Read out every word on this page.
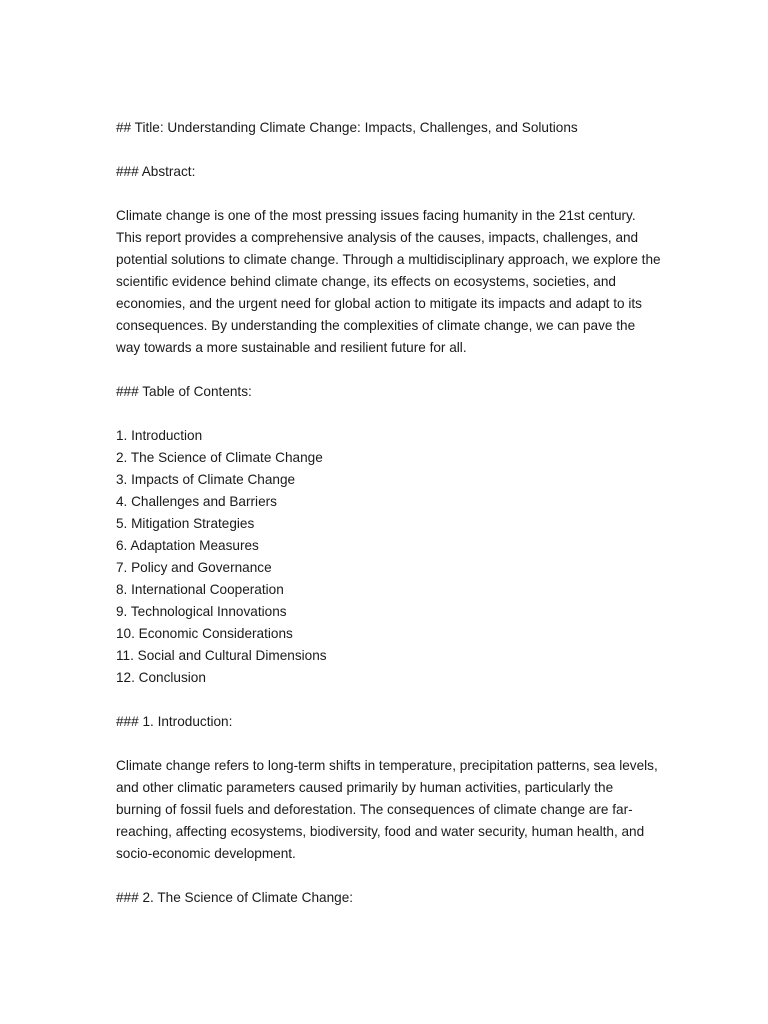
## Title: Understanding Climate Change: Impacts, Challenges, and Solutions
### Abstract:
Climate change is one of the most pressing issues facing humanity in the 21st century. This report provides a comprehensive analysis of the causes, impacts, challenges, and potential solutions to climate change. Through a multidisciplinary approach, we explore the scientific evidence behind climate change, its effects on ecosystems, societies, and economies, and the urgent need for global action to mitigate its impacts and adapt to its consequences. By understanding the complexities of climate change, we can pave the way towards a more sustainable and resilient future for all.
### Table of Contents:
1. Introduction
2. The Science of Climate Change
3. Impacts of Climate Change
4. Challenges and Barriers
5. Mitigation Strategies
6. Adaptation Measures
7. Policy and Governance
8. International Cooperation
9. Technological Innovations
10. Economic Considerations
11. Social and Cultural Dimensions
12. Conclusion
### 1. Introduction:
Climate change refers to long-term shifts in temperature, precipitation patterns, sea levels, and other climatic parameters caused primarily by human activities, particularly the burning of fossil fuels and deforestation. The consequences of climate change are far-reaching, affecting ecosystems, biodiversity, food and water security, human health, and socio-economic development.
### 2. The Science of Climate Change:
